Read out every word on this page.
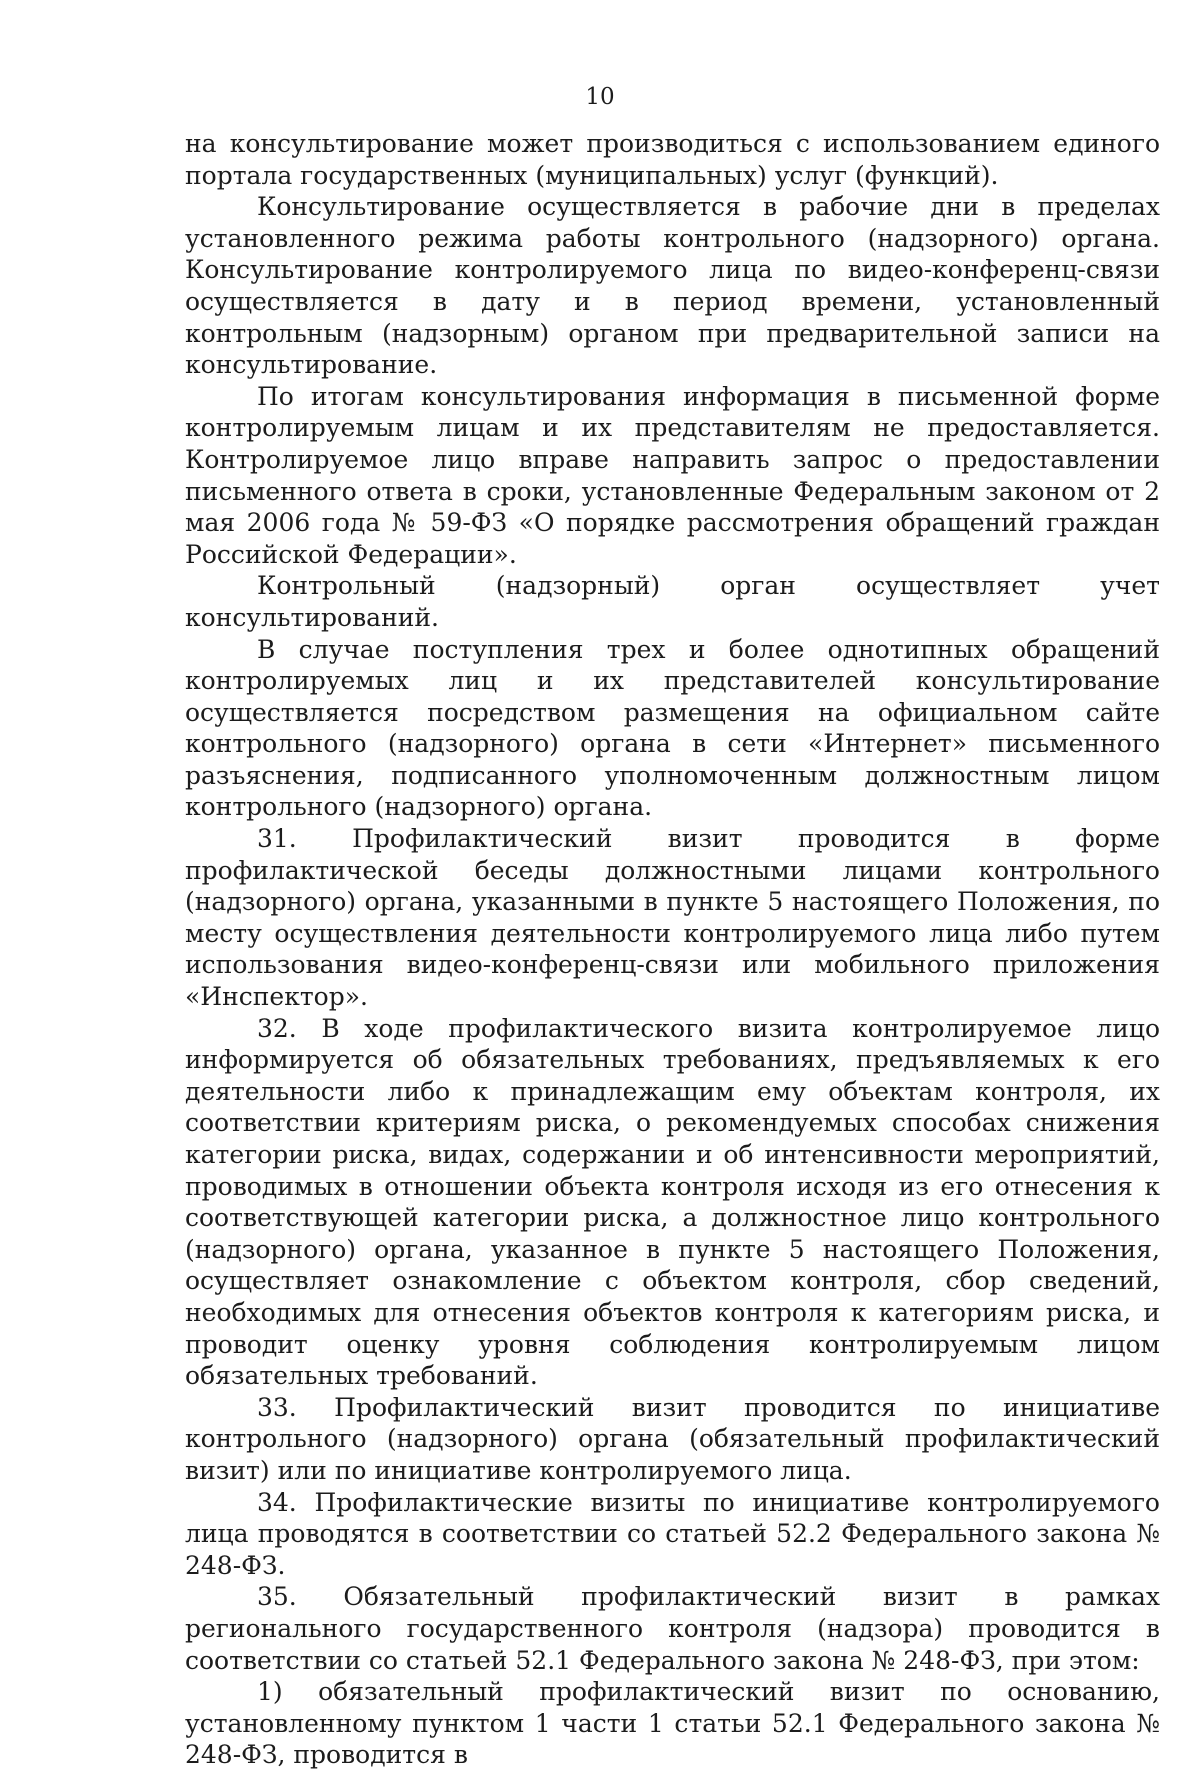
10

на консультирование может производиться с использованием единого портала государственных (муниципальных) услуг (функций).

Консультирование осуществляется в рабочие дни в пределах установленного режима работы контрольного (надзорного) органа. Консультирование контролируемого лица по видео-конференц-связи осуществляется в дату и в период времени, установленный контрольным (надзорным) органом при предварительной записи на консультирование.

По итогам консультирования информация в письменной форме контролируемым лицам и их представителям не предоставляется. Контролируемое лицо вправе направить запрос о предоставлении письменного ответа в сроки, установленные Федеральным законом от 2 мая 2006 года № 59-ФЗ «О порядке рассмотрения обращений граждан Российской Федерации».

Контрольный (надзорный) орган осуществляет учет консультирований.

В случае поступления трех и более однотипных обращений контролируемых лиц и их представителей консультирование осуществляется посредством размещения на официальном сайте контрольного (надзорного) органа в сети «Интернет» письменного разъяснения, подписанного уполномоченным должностным лицом контрольного (надзорного) органа.

31. Профилактический визит проводится в форме профилактической беседы должностными лицами контрольного (надзорного) органа, указанными в пункте 5 настоящего Положения, по месту осуществления деятельности контролируемого лица либо путем использования видео-конференц-связи или мобильного приложения «Инспектор».

32. В ходе профилактического визита контролируемое лицо информируется об обязательных требованиях, предъявляемых к его деятельности либо к принадлежащим ему объектам контроля, их соответствии критериям риска, о рекомендуемых способах снижения категории риска, видах, содержании и об интенсивности мероприятий, проводимых в отношении объекта контроля исходя из его отнесения к соответствующей категории риска, а должностное лицо контрольного (надзорного) органа, указанное в пункте 5 настоящего Положения, осуществляет ознакомление с объектом контроля, сбор сведений, необходимых для отнесения объектов контроля к категориям риска, и проводит оценку уровня соблюдения контролируемым лицом обязательных требований.

33. Профилактический визит проводится по инициативе контрольного (надзорного) органа (обязательный профилактический визит) или по инициативе контролируемого лица.

34. Профилактические визиты по инициативе контролируемого лица проводятся в соответствии со статьей 52.2 Федерального закона № 248-ФЗ.

35. Обязательный профилактический визит в рамках регионального государственного контроля (надзора) проводится в соответствии со статьей 52.1 Федерального закона № 248-ФЗ, при этом:

1) обязательный профилактический визит по основанию, установленному пунктом 1 части 1 статьи 52.1 Федерального закона № 248-ФЗ, проводится в
